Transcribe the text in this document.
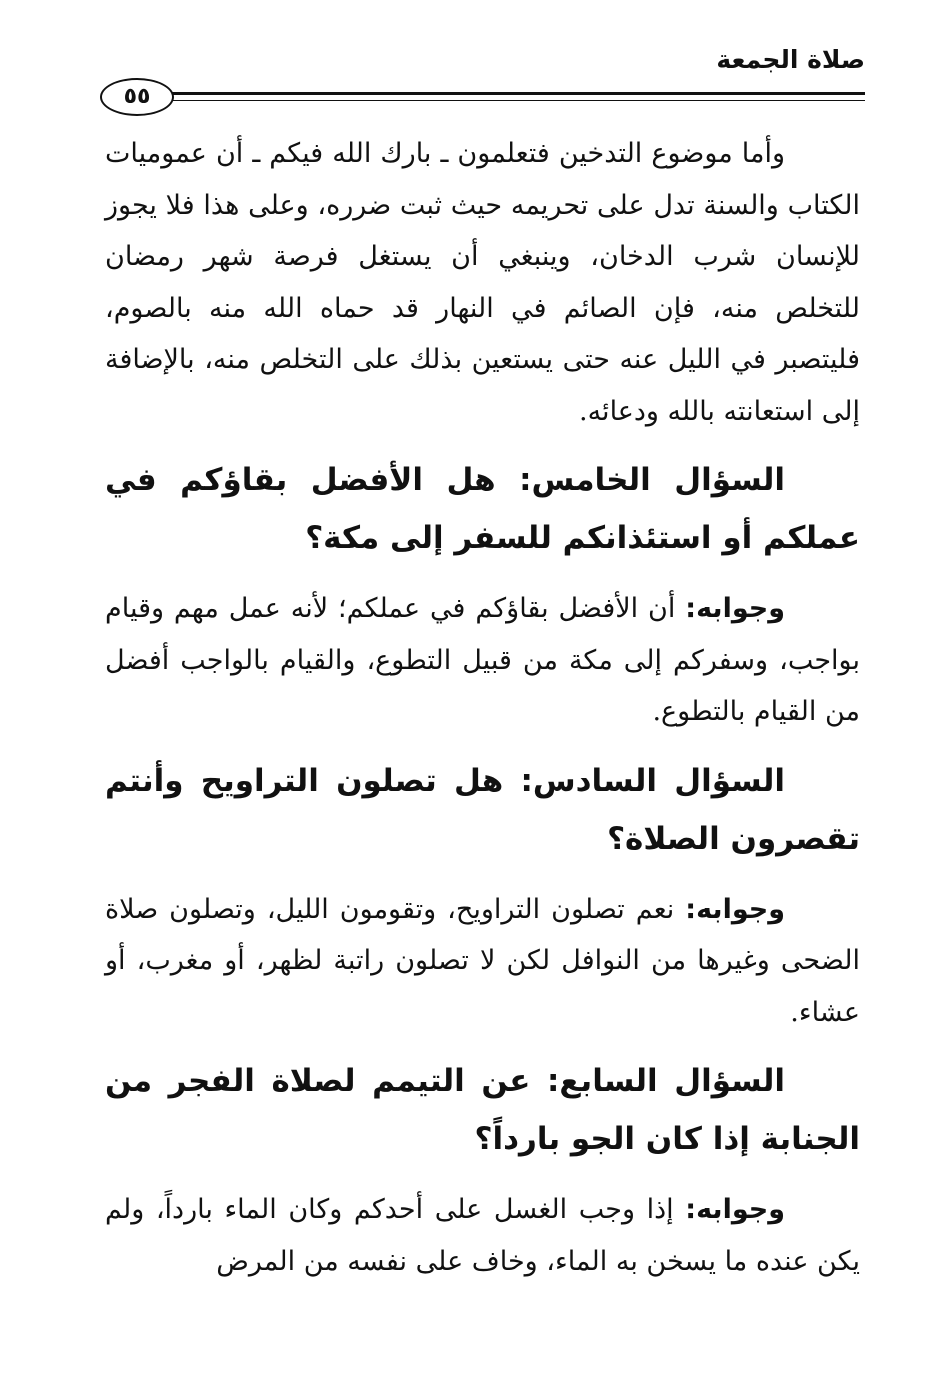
صلاة الجمعة
٥٥

وأما موضوع التدخين فتعلمون ـ بارك الله فيكم ـ أن عموميات الكتاب والسنة تدل على تحريمه حيث ثبت ضرره، وعلى هذا فلا يجوز للإنسان شرب الدخان، وينبغي أن يستغل فرصة شهر رمضان للتخلص منه، فإن الصائم في النهار قد حماه الله منه بالصوم، فليتصبر في الليل عنه حتى يستعين بذلك على التخلص منه، بالإضافة إلى استعانته بالله ودعائه.

السؤال الخامس: هل الأفضل بقاؤكم في عملكم أو استئذانكم للسفر إلى مكة؟

وجوابه: أن الأفضل بقاؤكم في عملكم؛ لأنه عمل مهم وقيام بواجب، وسفركم إلى مكة من قبيل التطوع، والقيام بالواجب أفضل من القيام بالتطوع.

السؤال السادس: هل تصلون التراويح وأنتم تقصرون الصلاة؟

وجوابه: نعم تصلون التراويح، وتقومون الليل، وتصلون صلاة الضحى وغيرها من النوافل لكن لا تصلون راتبة لظهر، أو مغرب، أو عشاء.

السؤال السابع: عن التيمم لصلاة الفجر من الجنابة إذا كان الجو بارداً؟

وجوابه: إذا وجب الغسل على أحدكم وكان الماء بارداً، ولم يكن عنده ما يسخن به الماء، وخاف على نفسه من المرض
